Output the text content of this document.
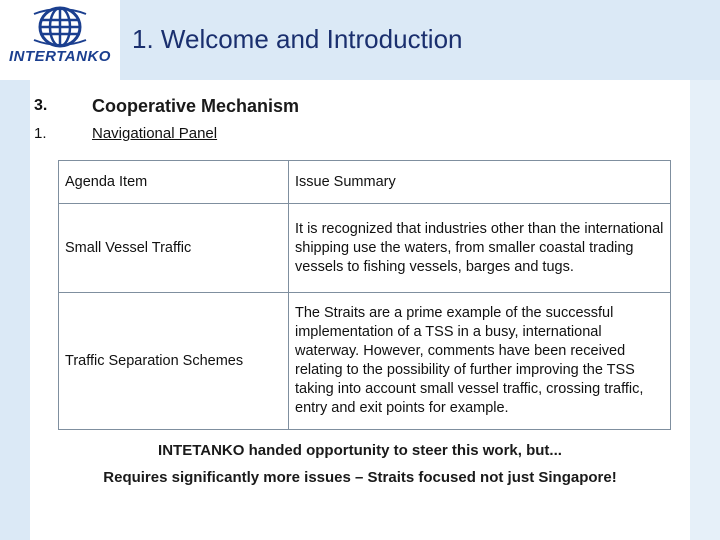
INTERTANKO
1. Welcome and Introduction
3. Cooperative Mechanism
1.	Navigational Panel
Agenda Item	Issue Summary
Small Vessel Traffic	It is recognized that industries other than the international shipping use the waters, from smaller coastal trading vessels to fishing vessels, barges and tugs.
Traffic Separation Schemes	The Straits are a prime example of the successful implementation of a TSS in a busy, international waterway. However, comments have been received relating to the possibility of further improving the TSS taking into account small vessel traffic, crossing traffic, entry and exit points for example.
INTETANKO handed opportunity to steer this work, but...
Requires significantly more issues – Straits focused not just Singapore!
